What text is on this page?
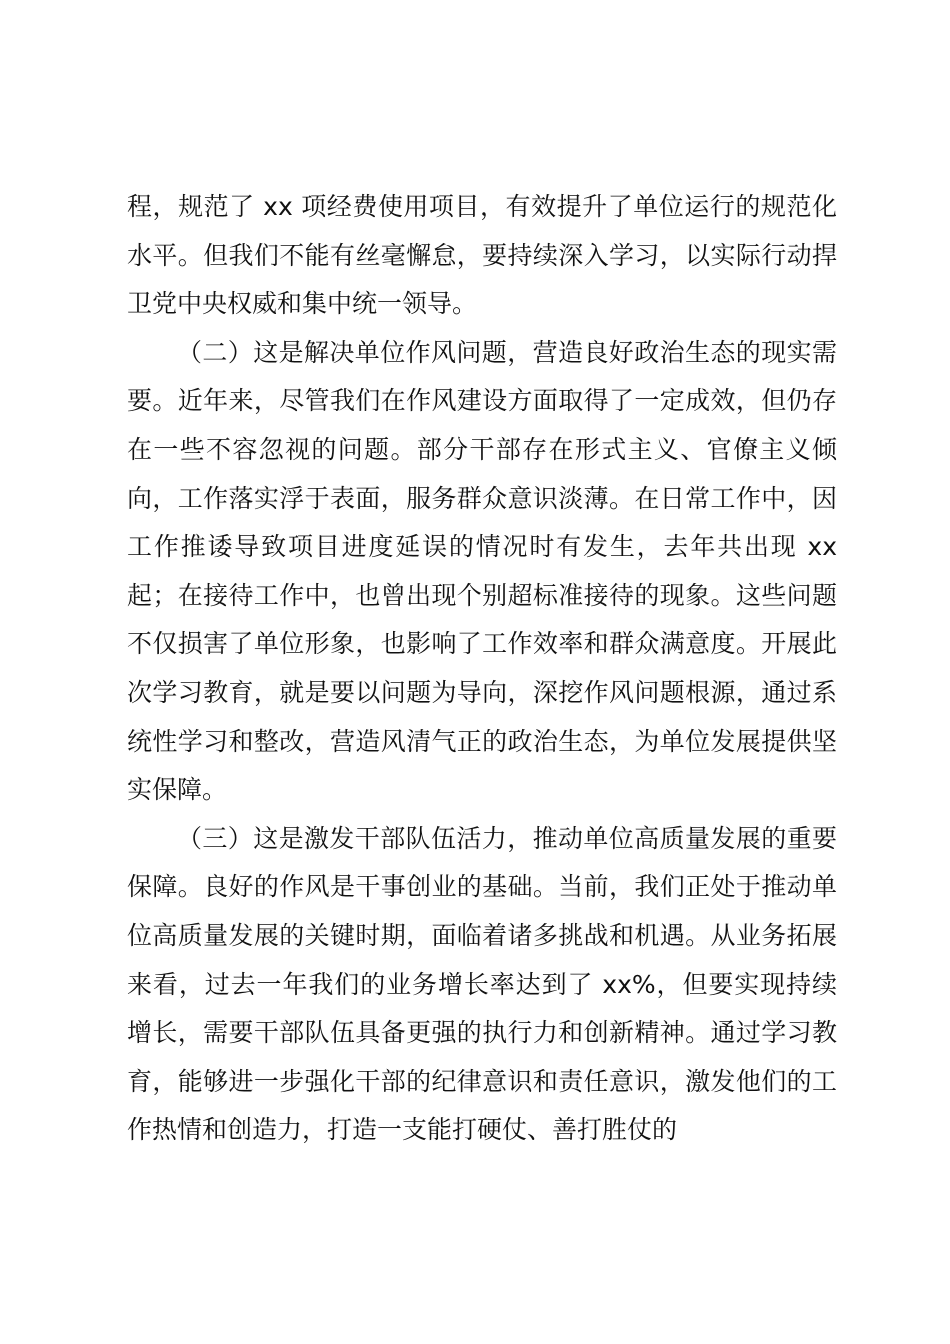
程，规范了 xx 项经费使用项目，有效提升了单位运行的规范化水平。但我们不能有丝毫懈怠，要持续深入学习，以实际行动捍卫党中央权威和集中统一领导。

（二）这是解决单位作风问题，营造良好政治生态的现实需要。近年来，尽管我们在作风建设方面取得了一定成效，但仍存在一些不容忽视的问题。部分干部存在形式主义、官僚主义倾向，工作落实浮于表面，服务群众意识淡薄。在日常工作中，因工作推诿导致项目进度延误的情况时有发生，去年共出现 xx 起；在接待工作中，也曾出现个别超标准接待的现象。这些问题不仅损害了单位形象，也影响了工作效率和群众满意度。开展此次学习教育，就是要以问题为导向，深挖作风问题根源，通过系统性学习和整改，营造风清气正的政治生态，为单位发展提供坚实保障。

（三）这是激发干部队伍活力，推动单位高质量发展的重要保障。良好的作风是干事创业的基础。当前，我们正处于推动单位高质量发展的关键时期，面临着诸多挑战和机遇。从业务拓展来看，过去一年我们的业务增长率达到了 xx%，但要实现持续增长，需要干部队伍具备更强的执行力和创新精神。通过学习教育，能够进一步强化干部的纪律意识和责任意识，激发他们的工作热情和创造力，打造一支能打硬仗、善打胜仗的
